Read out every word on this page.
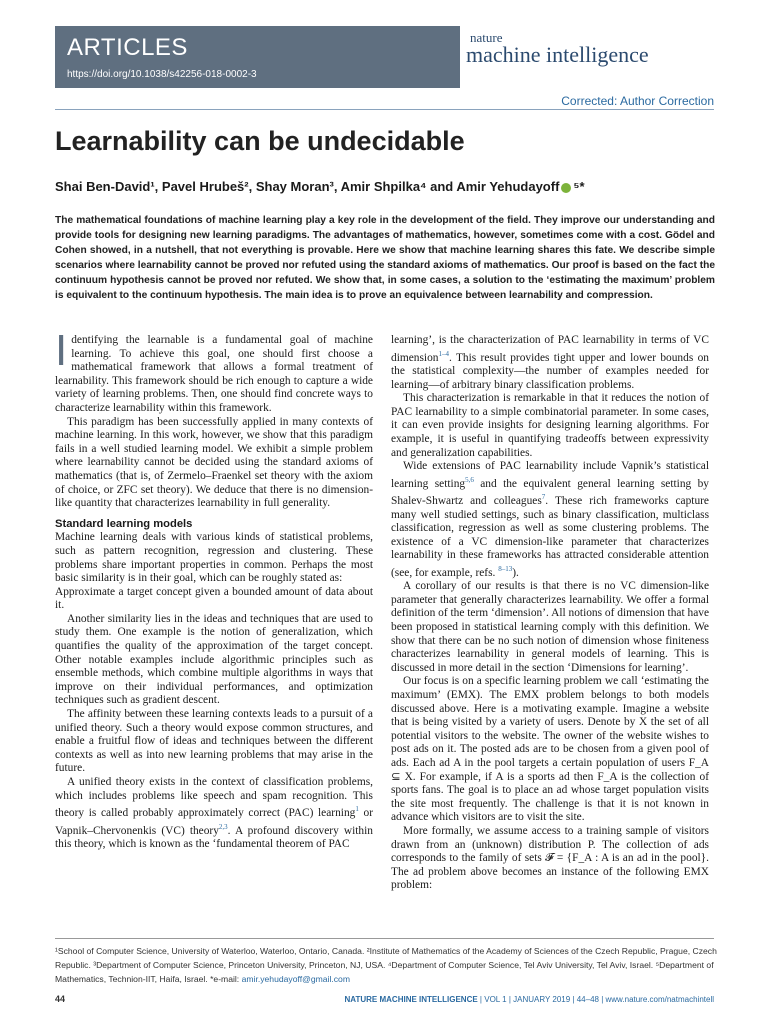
ARTICLES
https://doi.org/10.1038/s42256-018-0002-3
nature
machine intelligence
Corrected: Author Correction
Learnability can be undecidable
Shai Ben-David¹, Pavel Hrubeš², Shay Moran³, Amir Shpilka⁴ and Amir Yehudayoff ⁵*
The mathematical foundations of machine learning play a key role in the development of the field. They improve our understanding and provide tools for designing new learning paradigms. The advantages of mathematics, however, sometimes come with a cost. Gödel and Cohen showed, in a nutshell, that not everything is provable. Here we show that machine learning shares this fate. We describe simple scenarios where learnability cannot be proved nor refuted using the standard axioms of mathematics. Our proof is based on the fact the continuum hypothesis cannot be proved nor refuted. We show that, in some cases, a solution to the ‘estimating the maximum’ problem is equivalent to the continuum hypothesis. The main idea is to prove an equivalence between learnability and compression.

Identifying the learnable is a fundamental goal of machine learning. To achieve this goal, one should first choose a mathematical framework that allows a formal treatment of learnability. This framework should be rich enough to capture a wide variety of learning problems. Then, one should find concrete ways to characterize learnability within this framework.

This paradigm has been successfully applied in many contexts of machine learning. In this work, however, we show that this paradigm fails in a well studied learning model. We exhibit a simple problem where learnability cannot be decided using the standard axioms of mathematics (that is, of Zermelo–Fraenkel set theory with the axiom of choice, or ZFC set theory). We deduce that there is no dimension-like quantity that characterizes learnability in full generality.

Standard learning models

Machine learning deals with various kinds of statistical problems, such as pattern recognition, regression and clustering. These problems share important properties in common. Perhaps the most basic similarity is in their goal, which can be roughly stated as:

Approximate a target concept given a bounded amount of data about it.

Another similarity lies in the ideas and techniques that are used to study them. One example is the notion of generalization, which quantifies the quality of the approximation of the target concept. Other notable examples include algorithmic principles such as ensemble methods, which combine multiple algorithms in ways that improve on their individual performances, and optimization techniques such as gradient descent.

The affinity between these learning contexts leads to a pursuit of a unified theory. Such a theory would expose common structures, and enable a fruitful flow of ideas and techniques between the different contexts as well as into new learning problems that may arise in the future.

A unified theory exists in the context of classification problems, which includes problems like speech and spam recognition. This theory is called probably approximately correct (PAC) learning$^1$ or Vapnik–Chervonenkis (VC) theory$^{2,3}$. A profound discovery within this theory, which is known as the ‘fundamental theorem of PAC

learning’, is the characterization of PAC learnability in terms of VC dimension$^{1-4}$. This result provides tight upper and lower bounds on the statistical complexity—the number of examples needed for learning—of arbitrary binary classification problems.

This characterization is remarkable in that it reduces the notion of PAC learnability to a simple combinatorial parameter. In some cases, it can even provide insights for designing learning algorithms. For example, it is useful in quantifying tradeoffs between expressivity and generalization capabilities.

Wide extensions of PAC learnability include Vapnik’s statistical learning setting$^{5,6}$ and the equivalent general learning setting by Shalev-Shwartz and colleagues$^7$. These rich frameworks capture many well studied settings, such as binary classification, multiclass classification, regression as well as some clustering problems. The existence of a VC dimension-like parameter that characterizes learnability in these frameworks has attracted considerable attention (see, for example, refs. $^{8-13}$).

A corollary of our results is that there is no VC dimension-like parameter that generally characterizes learnability. We offer a formal definition of the term ‘dimension’. All notions of dimension that have been proposed in statistical learning comply with this definition. We show that there can be no such notion of dimension whose finiteness characterizes learnability in general models of learning. This is discussed in more detail in the section ‘Dimensions for learning’.

Our focus is on a specific learning problem we call ‘estimating the maximum’ (EMX). The EMX problem belongs to both models discussed above. Here is a motivating example. Imagine a website that is being visited by a variety of users. Denote by X the set of all potential visitors to the website. The owner of the website wishes to post ads on it. The posted ads are to be chosen from a given pool of ads. Each ad A in the pool targets a certain population of users F_A ⊆ X. For example, if A is a sports ad then F_A is the collection of sports fans. The goal is to place an ad whose target population visits the site most frequently. The challenge is that it is not known in advance which visitors are to visit the site.

More formally, we assume access to a training sample of visitors drawn from an (unknown) distribution P. The collection of ads corresponds to the family of sets 𝓕 = {F_A : A is an ad in the pool}. The ad problem above becomes an instance of the following EMX problem:

¹School of Computer Science, University of Waterloo, Waterloo, Ontario, Canada. ²Institute of Mathematics of the Academy of Sciences of the Czech Republic, Prague, Czech Republic. ³Department of Computer Science, Princeton University, Princeton, NJ, USA. ⁴Department of Computer Science, Tel Aviv University, Tel Aviv, Israel. ⁵Department of Mathematics, Technion-IIT, Haifa, Israel. *e-mail: amir.yehudayoff@gmail.com
44	NATURE MACHINE INTELLIGENCE | VOL 1 | JANUARY 2019 | 44–48 | www.nature.com/natmachintell
